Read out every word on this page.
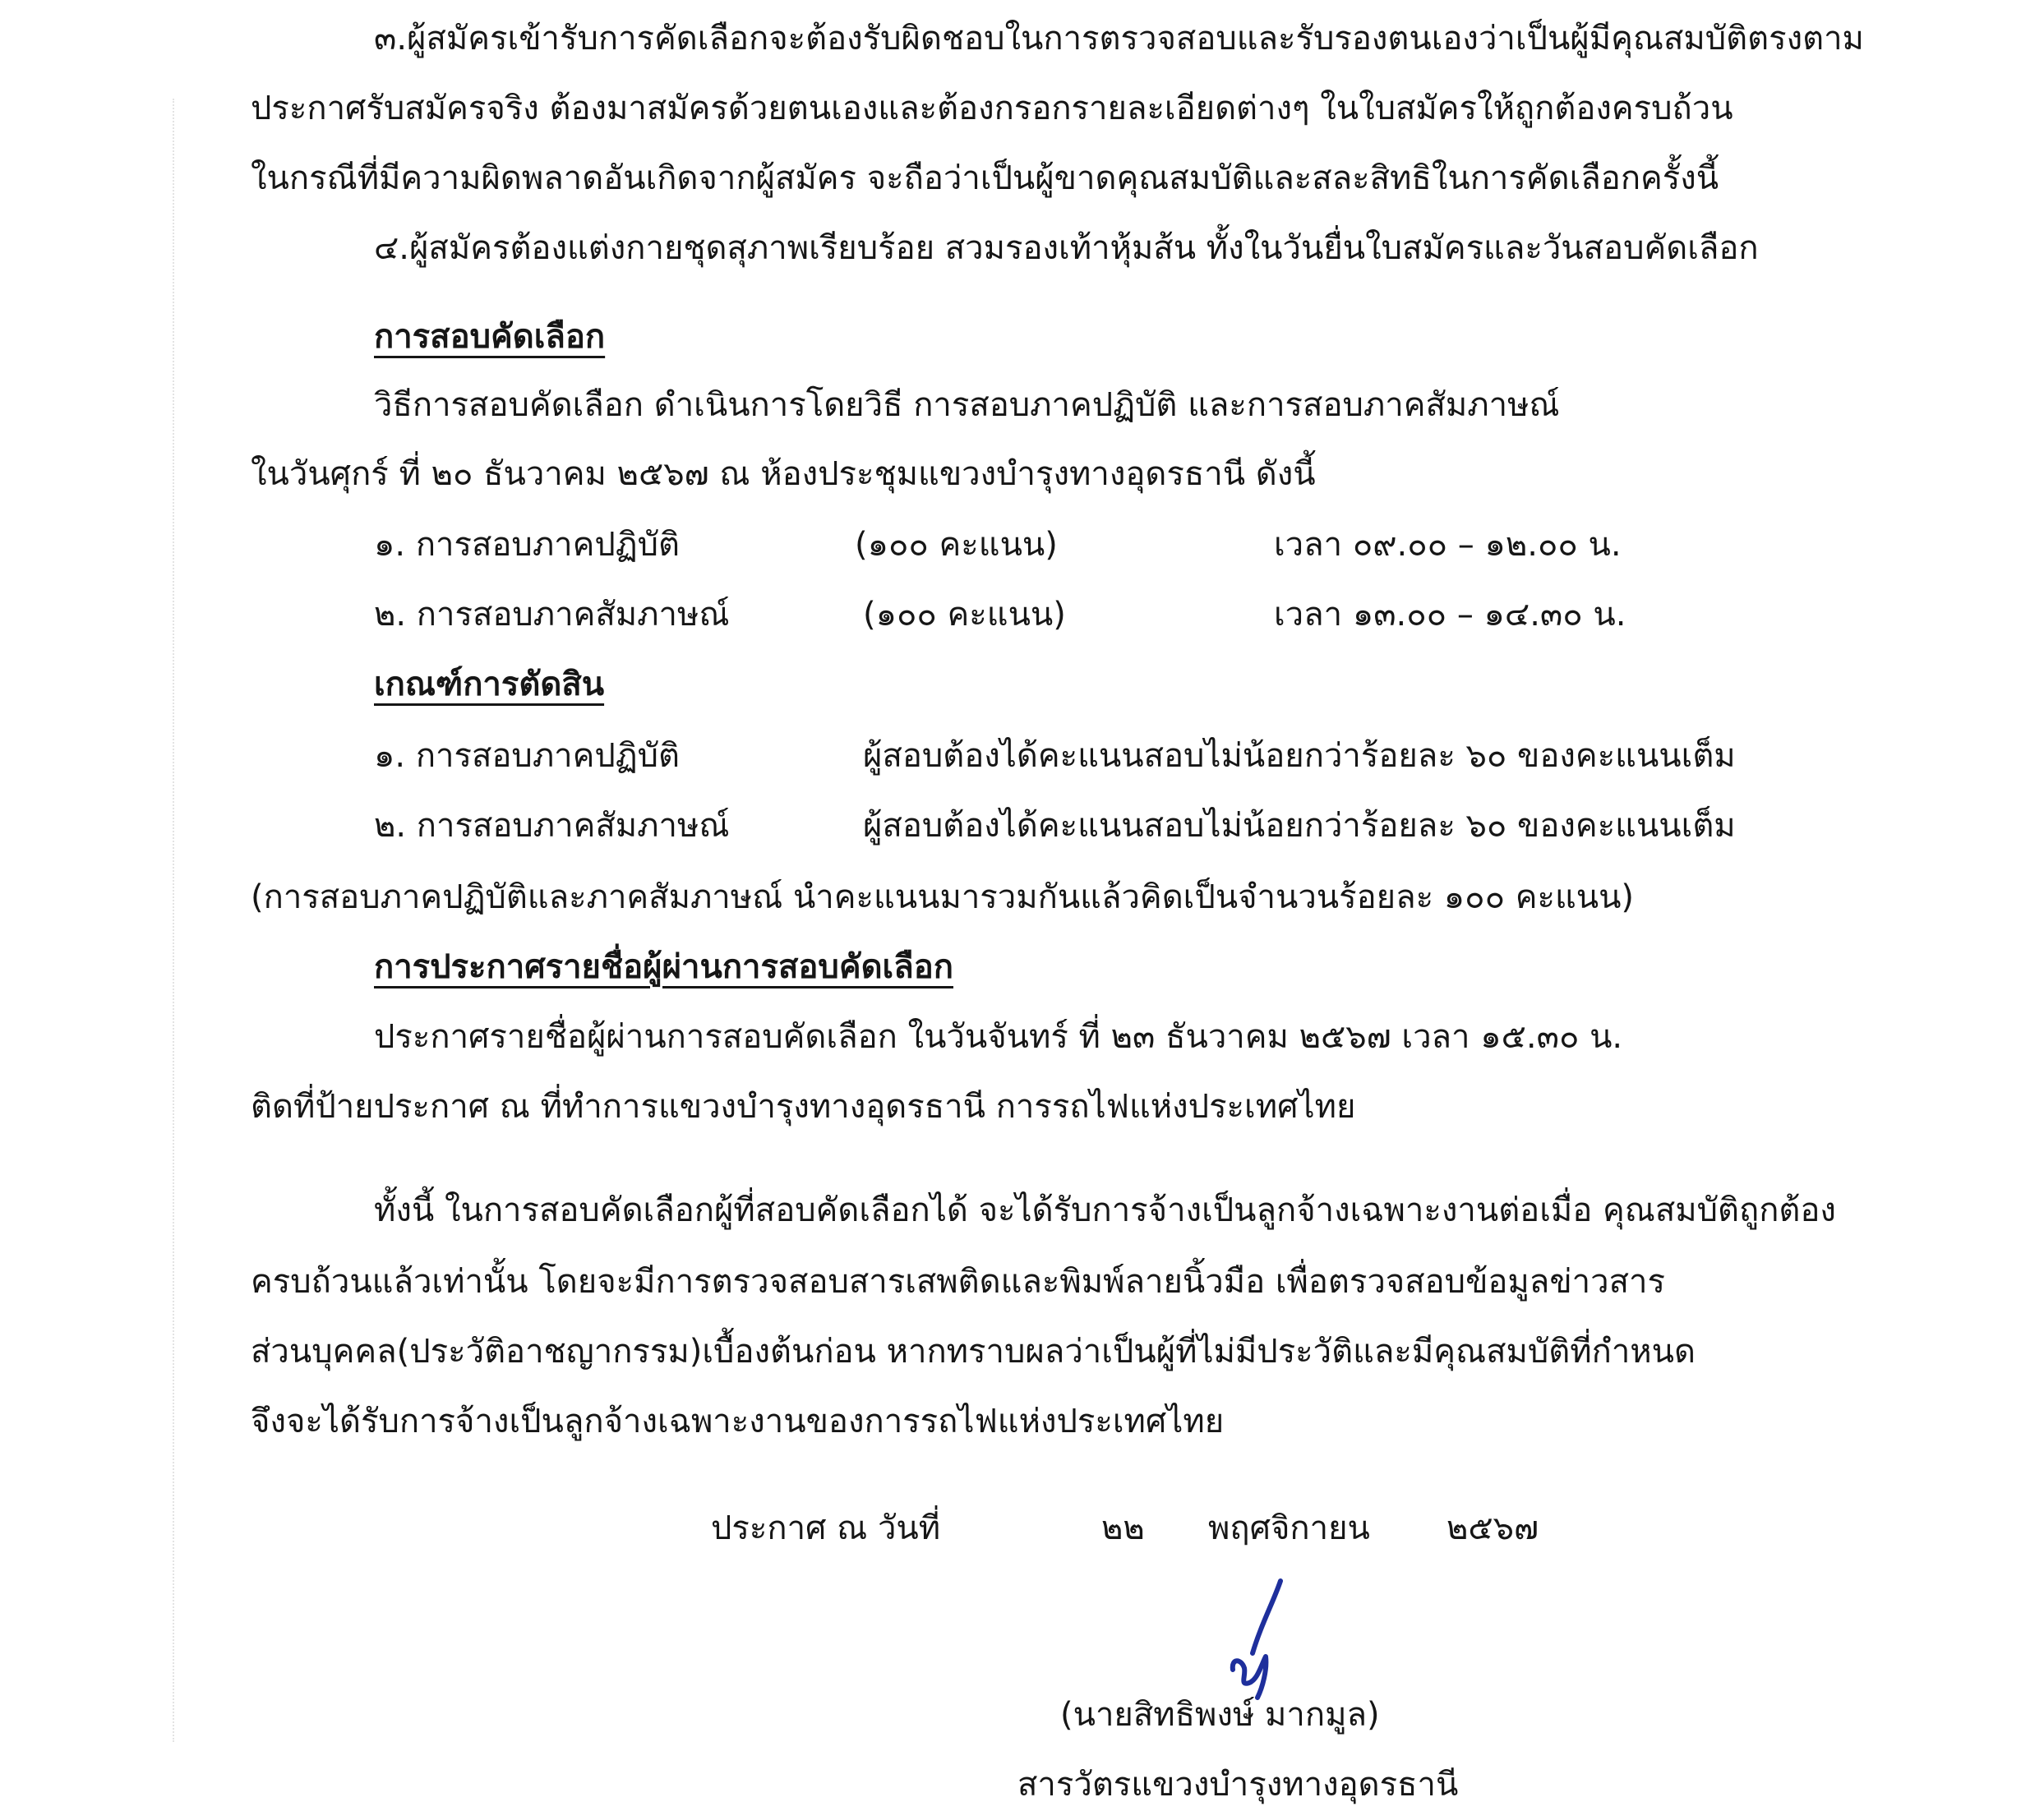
๓.ผู้สมัครเข้ารับการคัดเลือกจะต้องรับผิดชอบในการตรวจสอบและรับรองตนเองว่าเป็นผู้มีคุณสมบัติตรงตาม
ประกาศรับสมัครจริง ต้องมาสมัครด้วยตนเองและต้องกรอกรายละเอียดต่างๆ ในใบสมัครให้ถูกต้องครบถ้วน
ในกรณีที่มีความผิดพลาดอันเกิดจากผู้สมัคร จะถือว่าเป็นผู้ขาดคุณสมบัติและสละสิทธิในการคัดเลือกครั้งนี้
๔.ผู้สมัครต้องแต่งกายชุดสุภาพเรียบร้อย สวมรองเท้าหุ้มส้น ทั้งในวันยื่นใบสมัครและวันสอบคัดเลือก
การสอบคัดเลือก
วิธีการสอบคัดเลือก ดำเนินการโดยวิธี การสอบภาคปฏิบัติ และการสอบภาคสัมภาษณ์
ในวันศุกร์ ที่ ๒๐ ธันวาคม ๒๕๖๗ ณ ห้องประชุมแขวงบำรุงทางอุดรธานี ดังนี้
๑. การสอบภาคปฏิบัติ	(๑๐๐ คะแนน)	เวลา ๐๙.๐๐ – ๑๒.๐๐ น.
๒. การสอบภาคสัมภาษณ์	(๑๐๐ คะแนน)	เวลา ๑๓.๐๐ – ๑๔.๓๐ น.
เกณฑ์การตัดสิน
๑. การสอบภาคปฏิบัติ	ผู้สอบต้องได้คะแนนสอบไม่น้อยกว่าร้อยละ ๖๐ ของคะแนนเต็ม
๒. การสอบภาคสัมภาษณ์	ผู้สอบต้องได้คะแนนสอบไม่น้อยกว่าร้อยละ ๖๐ ของคะแนนเต็ม
(การสอบภาคปฏิบัติและภาคสัมภาษณ์ นำคะแนนมารวมกันแล้วคิดเป็นจำนวนร้อยละ ๑๐๐ คะแนน)
การประกาศรายชื่อผู้ผ่านการสอบคัดเลือก
ประกาศรายชื่อผู้ผ่านการสอบคัดเลือก ในวันจันทร์ ที่ ๒๓ ธันวาคม ๒๕๖๗ เวลา ๑๕.๓๐ น.
ติดที่ป้ายประกาศ ณ ที่ทำการแขวงบำรุงทางอุดรธานี การรถไฟแห่งประเทศไทย
ทั้งนี้ ในการสอบคัดเลือกผู้ที่สอบคัดเลือกได้ จะได้รับการจ้างเป็นลูกจ้างเฉพาะงานต่อเมื่อ คุณสมบัติถูกต้อง
ครบถ้วนแล้วเท่านั้น โดยจะมีการตรวจสอบสารเสพติดและพิมพ์ลายนิ้วมือ เพื่อตรวจสอบข้อมูลข่าวสาร
ส่วนบุคคล(ประวัติอาชญากรรม)เบื้องต้นก่อน หากทราบผลว่าเป็นผู้ที่ไม่มีประวัติและมีคุณสมบัติที่กำหนด
จึงจะได้รับการจ้างเป็นลูกจ้างเฉพาะงานของการรถไฟแห่งประเทศไทย
ประกาศ ณ วันที่	๒๒ พฤศจิกายน ๒๕๖๗
(นายสิทธิพงษ์ มากมูล)
สารวัตรแขวงบำรุงทางอุดรธานี
